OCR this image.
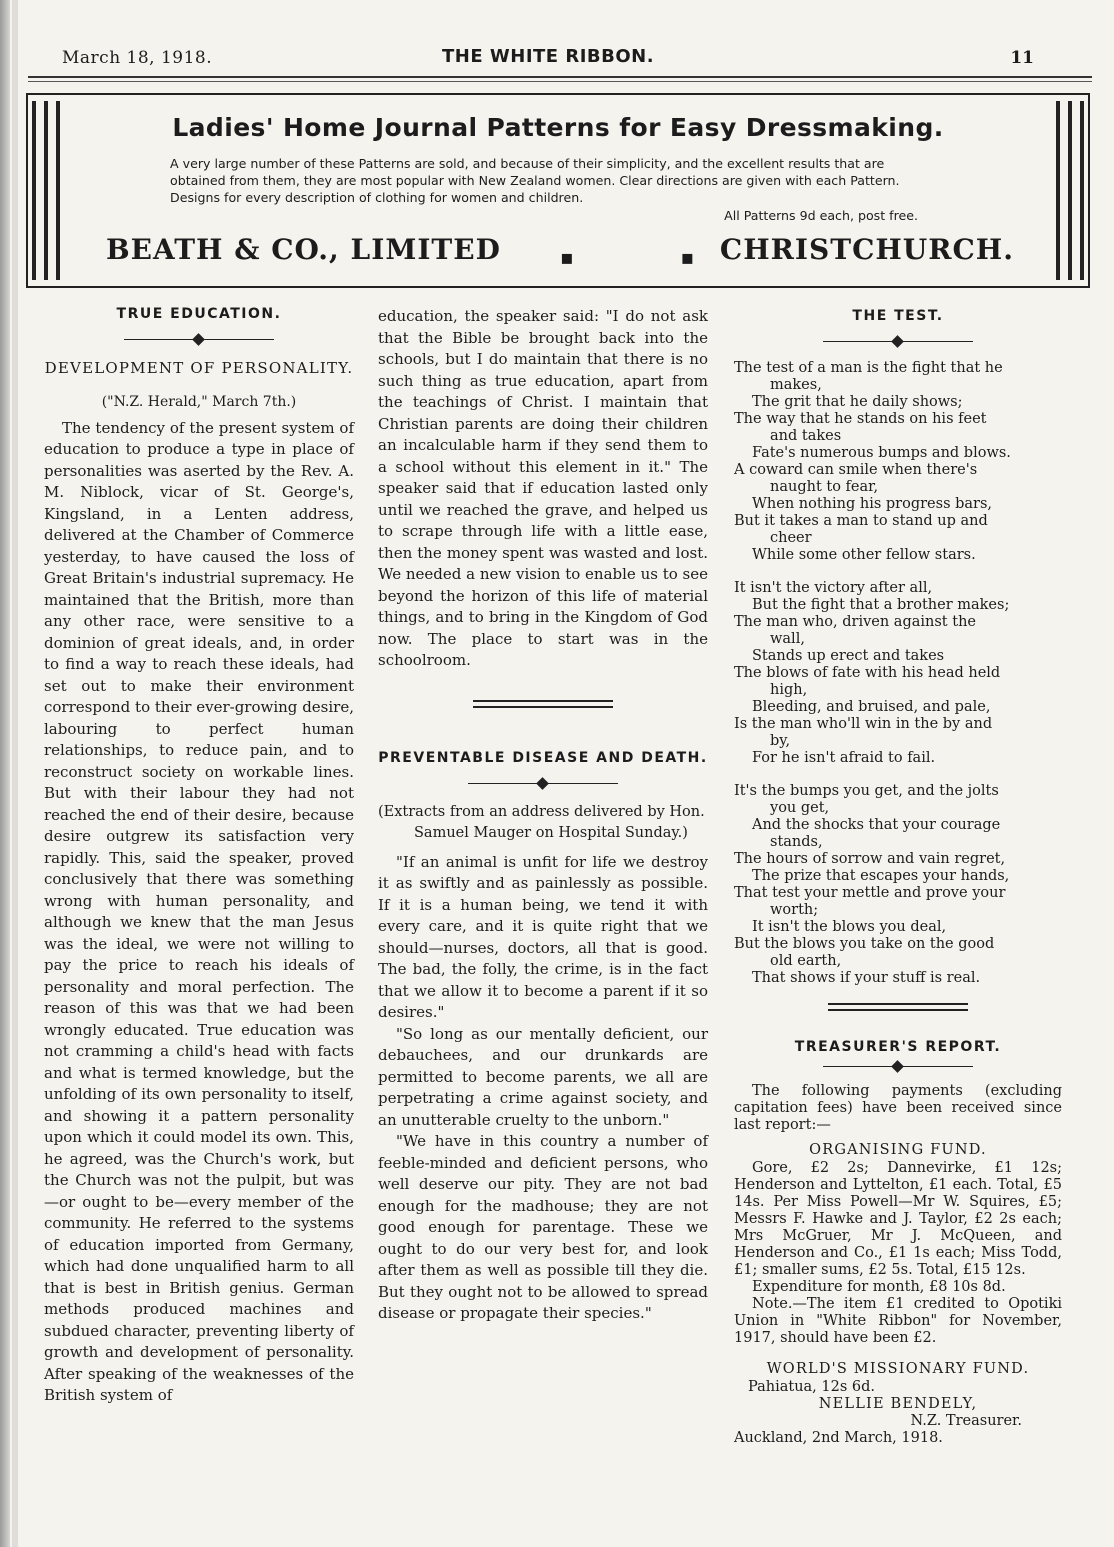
March 18, 1918.	THE WHITE RIBBON.	11
Ladies' Home Journal Patterns for Easy Dressmaking.
A very large number of these Patterns are sold, and because of their simplicity, and the excellent results that are obtained from them, they are most popular with New Zealand women. Clear directions are given with each Pattern. Designs for every description of clothing for women and children.
All Patterns 9d each, post free.
BEATH & CO., LIMITED	▪ ▪
CHRISTCHURCH.
TRUE EDUCATION.
DEVELOPMENT OF PERSONALITY.
("N.Z. Herald," March 7th.)

The tendency of the present system of education to produce a type in place of personalities was aserted by the Rev. A. M. Niblock, vicar of St. George's, Kingsland, in a Lenten address, delivered at the Chamber of Commerce yesterday, to have caused the loss of Great Britain's industrial supremacy. He maintained that the British, more than any other race, were sensitive to a dominion of great ideals, and, in order to find a way to reach these ideals, had set out to make their environment correspond to their ever-growing desire, labouring to perfect human relationships, to reduce pain, and to reconstruct society on workable lines. But with their labour they had not reached the end of their desire, because desire outgrew its satisfaction very rapidly. This, said the speaker, proved conclusively that there was something wrong with human personality, and although we knew that the man Jesus was the ideal, we were not willing to pay the price to reach his ideals of personality and moral perfection. The reason of this was that we had been wrongly educated. True education was not cramming a child's head with facts and what is termed knowledge, but the unfolding of its own personality to itself, and showing it a pattern personality upon which it could model its own. This, he agreed, was the Church's work, but the Church was not the pulpit, but was—or ought to be—every member of the community. He referred to the systems of education imported from Germany, which had done unqualified harm to all that is best in British genius. German methods produced machines and subdued character, preventing liberty of growth and development of personality. After speaking of the weaknesses of the British system of

education, the speaker said: "I do not ask that the Bible be brought back into the schools, but I do maintain that there is no such thing as true education, apart from the teachings of Christ. I maintain that Christian parents are doing their children an incalculable harm if they send them to a school without this element in it." The speaker said that if education lasted only until we reached the grave, and helped us to scrape through life with a little ease, then the money spent was wasted and lost. We needed a new vision to enable us to see beyond the horizon of this life of material things, and to bring in the Kingdom of God now. The place to start was in the schoolroom.

PREVENTABLE DISEASE AND DEATH.
(Extracts from an address delivered by Hon. Samuel Mauger on Hospital Sunday.)

"If an animal is unfit for life we destroy it as swiftly and as painlessly as possible. If it is a human being, we tend it with every care, and it is quite right that we should—nurses, doctors, all that is good. The bad, the folly, the crime, is in the fact that we allow it to become a parent if it so desires."

"So long as our mentally deficient, our debauchees, and our drunkards are permitted to become parents, we all are perpetrating a crime against society, and an unutterable cruelty to the unborn."

"We have in this country a number of feeble-minded and deficient persons, who well deserve our pity. They are not bad enough for the madhouse; they are not good enough for parentage. These we ought to do our very best for, and look after them as well as possible till they die. But they ought not to be allowed to spread disease or propagate their species."

THE TEST.
The test of a man is the fight that he
makes,
The grit that he daily shows;
The way that he stands on his feet
and takes
Fate's numerous bumps and blows.
A coward can smile when there's
naught to fear,
When nothing his progress bars,
But it takes a man to stand up and
cheer
While some other fellow stars.
It isn't the victory after all,
But the fight that a brother makes;
The man who, driven against the
wall,
Stands up erect and takes
The blows of fate with his head held
high,
Bleeding, and bruised, and pale,
Is the man who'll win in the by and
by,
For he isn't afraid to fail.
It's the bumps you get, and the jolts
you get,
And the shocks that your courage
stands,
The hours of sorrow and vain regret,
The prize that escapes your hands,
That test your mettle and prove your
worth;
It isn't the blows you deal,
But the blows you take on the good
old earth,
That shows if your stuff is real.
TREASURER'S REPORT.

The following payments (excluding capitation fees) have been received since last report:—

ORGANISING FUND.

Gore, £2 2s; Dannevirke, £1 12s; Henderson and Lyttelton, £1 each. Total, £5 14s. Per Miss Powell—Mr W. Squires, £5; Messrs F. Hawke and J. Taylor, £2 2s each; Mrs McGruer, Mr J. McQueen, and Henderson and Co., £1 1s each; Miss Todd, £1; smaller sums, £2 5s. Total, £15 12s.

Expenditure for month, £8 10s 8d.

Note.—The item £1 credited to Opotiki Union in "White Ribbon" for November, 1917, should have been £2.

WORLD'S MISSIONARY FUND.
Pahiatua, 12s 6d.
NELLIE BENDELY,
N.Z. Treasurer.
Auckland, 2nd March, 1918.
